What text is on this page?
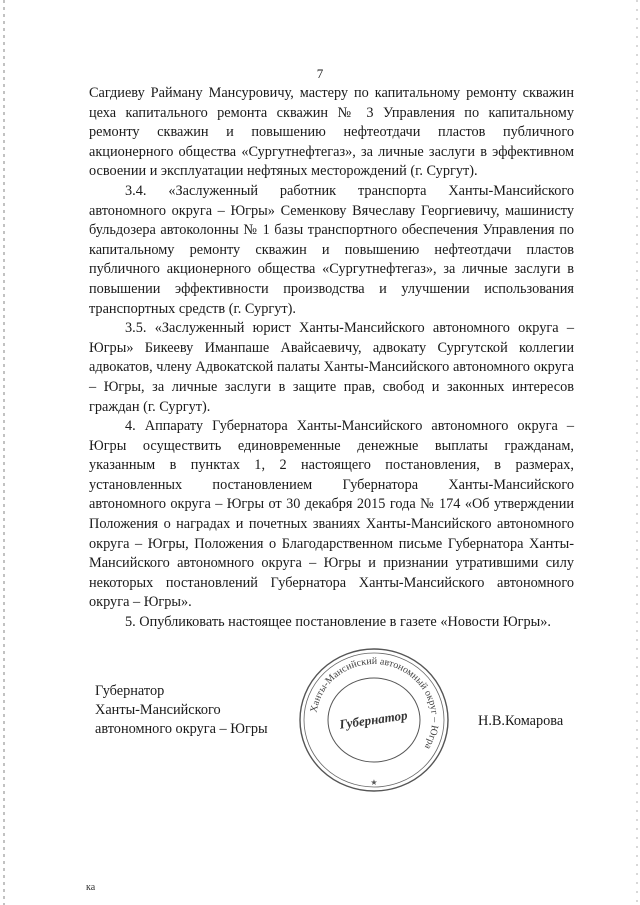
7

Сагдиеву Райману Мансуровичу, мастеру по капитальному ремонту скважин цеха капитального ремонта скважин № 3 Управления по капитальному ремонту скважин и повышению нефтеотдачи пластов публичного акционерного общества «Сургутнефтегаз», за личные заслуги в эффективном освоении и эксплуатации нефтяных месторождений (г. Сургут).

3.4. «Заслуженный работник транспорта Ханты-Мансийского автономного округа – Югры» Семенкову Вячеславу Георгиевичу, машинисту бульдозера автоколонны № 1 базы транспортного обеспечения Управления по капитальному ремонту скважин и повышению нефтеотдачи пластов публичного акционерного общества «Сургутнефтегаз», за личные заслуги в повышении эффективности производства и улучшении использования транспортных средств (г. Сургут).

3.5. «Заслуженный юрист Ханты-Мансийского автономного округа – Югры» Бикееву Иманпаше Авайсаевичу, адвокату Сургутской коллегии адвокатов, члену Адвокатской палаты Ханты-Мансийского автономного округа – Югры, за личные заслуги в защите прав, свобод и законных интересов граждан (г. Сургут).

4. Аппарату Губернатора Ханты-Мансийского автономного округа – Югры осуществить единовременные денежные выплаты гражданам, указанным в пунктах 1, 2 настоящего постановления, в размерах, установленных постановлением Губернатора Ханты-Мансийского автономного округа – Югры от 30 декабря 2015 года № 174 «Об утверждении Положения о наградах и почетных званиях Ханты-Мансийского автономного округа – Югры, Положения о Благодарственном письме Губернатора Ханты-Мансийского автономного округа – Югры и признании утратившими силу некоторых постановлений Губернатора Ханты-Мансийского автономного округа – Югры».

5. Опубликовать настоящее постановление в газете «Новости Югры».

Губернатор
Ханты-Мансийского
автономного округа – Югры
Ханты-Мансийский автономный округ – Югра
Губернатор
★
Н.В.Комарова
ка
